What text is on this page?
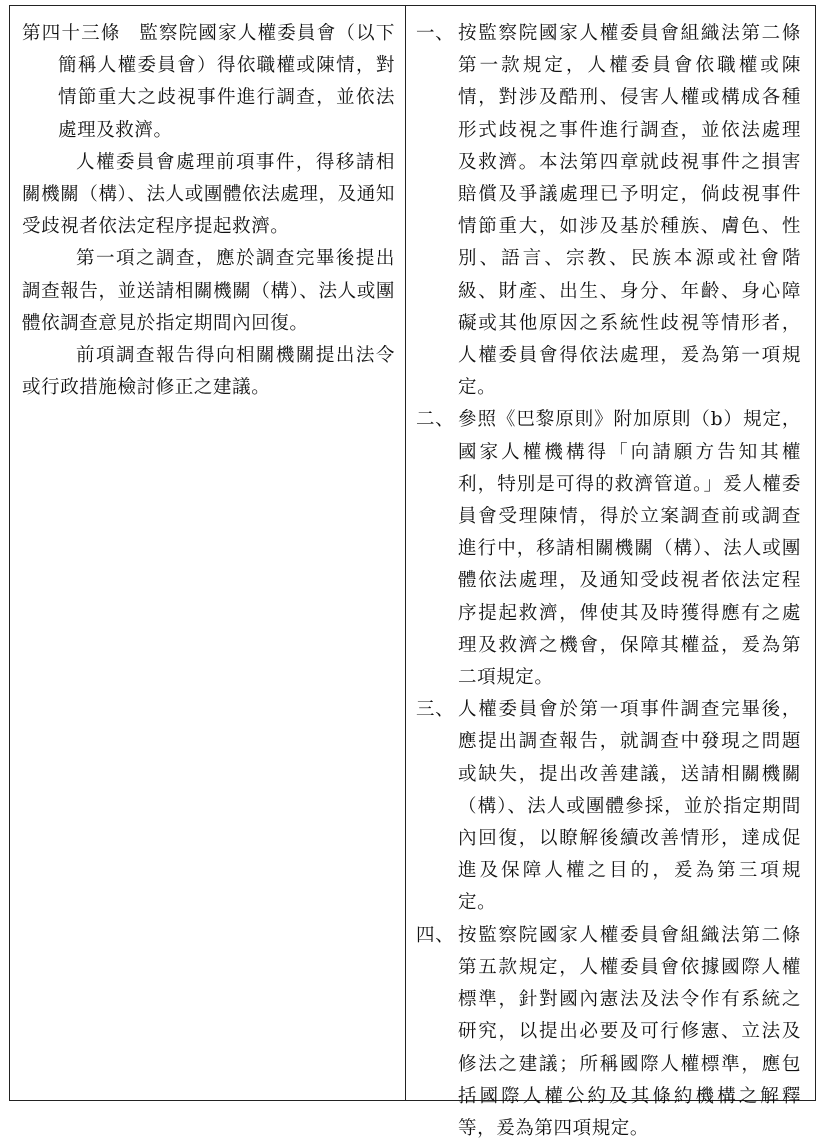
第四十三條 監察院國家人權委員會（以下簡稱人權委員會）得依職權或陳情，對情節重大之歧視事件進行調查，並依法處理及救濟。

人權委員會處理前項事件，得移請相關機關（構）、法人或團體依法處理，及通知受歧視者依法定程序提起救濟。

第一項之調查，應於調查完畢後提出調查報告，並送請相關機關（構）、法人或團體依調查意見於指定期間內回復。

前項調查報告得向相關機關提出法令或行政措施檢討修正之建議。

一、 按監察院國家人權委員會組織法第二條第一款規定，人權委員會依職權或陳情，對涉及酷刑、侵害人權或構成各種形式歧視之事件進行調查，並依法處理及救濟。本法第四章就歧視事件之損害賠償及爭議處理已予明定，倘歧視事件情節重大，如涉及基於種族、膚色、性別、語言、宗教、民族本源或社會階級、財產、出生、身分、年齡、身心障礙或其他原因之系統性歧視等情形者，人權委員會得依法處理，爰為第一項規定。
二、 參照《巴黎原則》附加原則（b）規定，國家人權機構得「向請願方告知其權利，特別是可得的救濟管道。」爰人權委員會受理陳情，得於立案調查前或調查進行中，移請相關機關（構）、法人或團體依法處理，及通知受歧視者依法定程序提起救濟，俾使其及時獲得應有之處理及救濟之機會，保障其權益，爰為第二項規定。
三、 人權委員會於第一項事件調查完畢後，應提出調查報告，就調查中發現之問題或缺失，提出改善建議，送請相關機關（構）、法人或團體參採，並於指定期間內回復，以瞭解後續改善情形，達成促進及保障人權之目的，爰為第三項規定。
四、 按監察院國家人權委員會組織法第二條第五款規定，人權委員會依據國際人權標準，針對國內憲法及法令作有系統之研究，以提出必要及可行修憲、立法及修法之建議；所稱國際人權標準，應包括國際人權公約及其條約機構之解釋等，爰為第四項規定。
